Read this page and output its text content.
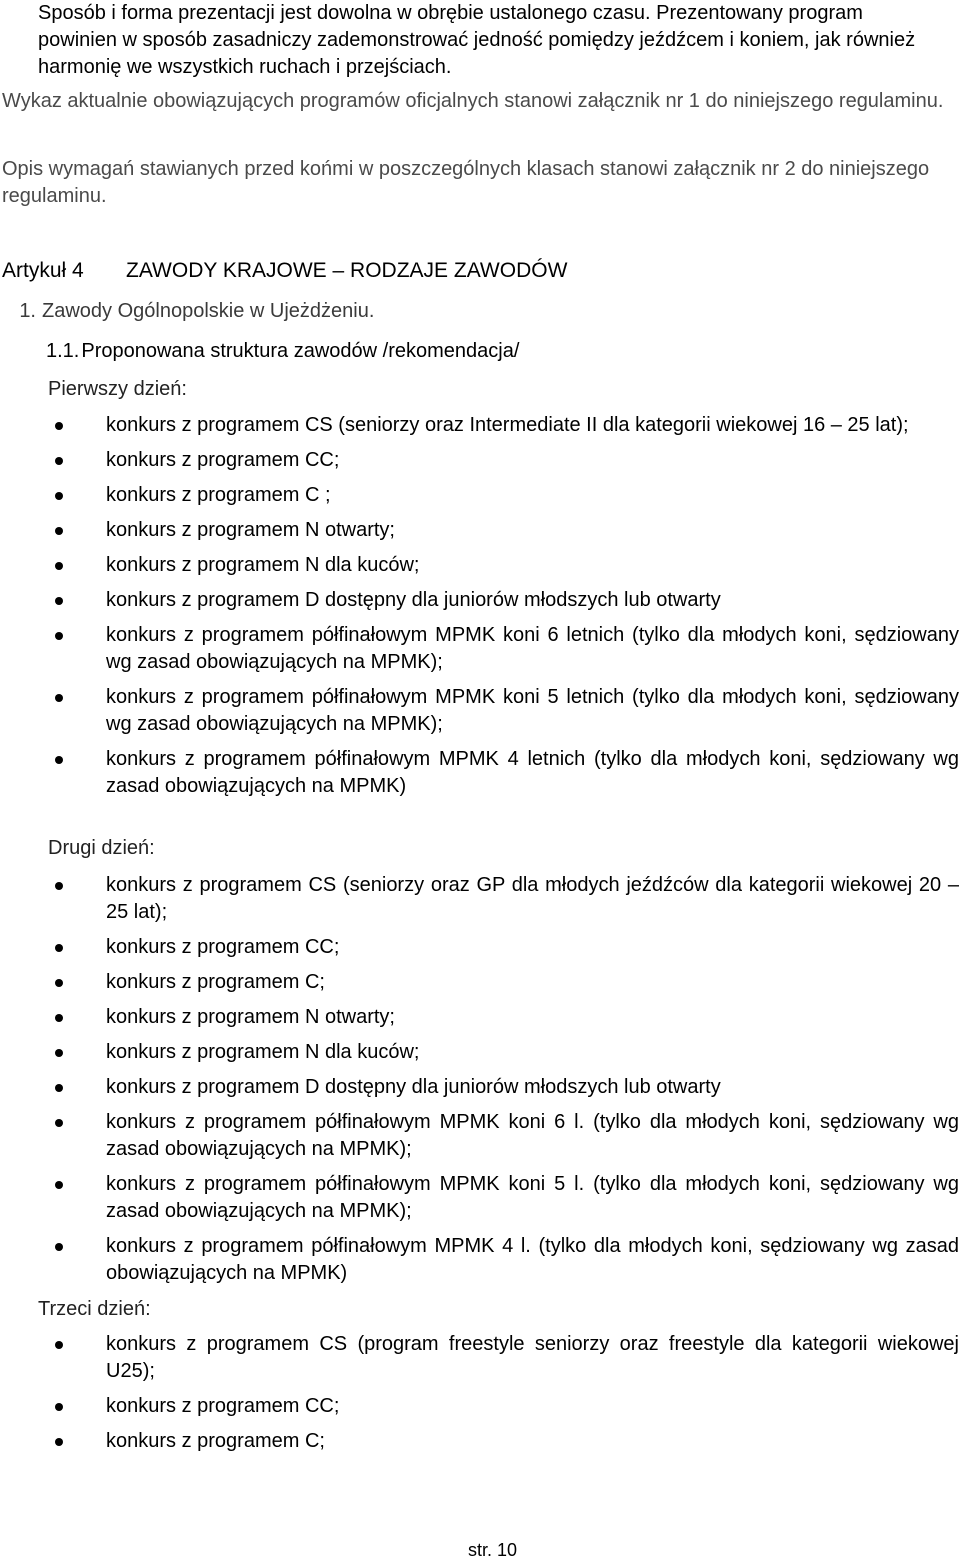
Sposób i forma prezentacji jest dowolna w obrębie ustalonego czasu. Prezentowany program powinien w sposób zasadniczy zademonstrować jedność pomiędzy jeźdźcem i koniem, jak również harmonię we wszystkich ruchach i przejściach.
Wykaz aktualnie obowiązujących programów oficjalnych stanowi załącznik nr 1 do niniejszego regulaminu.
Opis wymagań stawianych przed końmi w poszczególnych klasach stanowi załącznik nr 2 do niniejszego regulaminu.
Artykuł 4 ZAWODY KRAJOWE – RODZAJE ZAWODÓW
1. Zawody Ogólnopolskie w Ujeżdżeniu.
1.1. Proponowana struktura zawodów /rekomendacja/
Pierwszy dzień:
konkurs z programem CS (seniorzy oraz Intermediate II dla kategorii wiekowej 16 – 25 lat);
konkurs z programem CC;
konkurs z programem C ;
konkurs z programem N otwarty;
konkurs z programem N dla kuców;
konkurs z programem D dostępny dla juniorów młodszych lub otwarty
konkurs z programem półfinałowym MPMK koni 6 letnich (tylko dla młodych koni, sędziowany wg zasad obowiązujących na MPMK);
konkurs z programem półfinałowym MPMK koni 5 letnich (tylko dla młodych koni, sędziowany wg zasad obowiązujących na MPMK);
konkurs z programem półfinałowym MPMK 4 letnich (tylko dla młodych koni, sędziowany wg zasad obowiązujących na MPMK)
Drugi dzień:
konkurs z programem CS (seniorzy oraz GP dla młodych jeźdźców dla kategorii wiekowej 20 – 25 lat);
konkurs z programem CC;
konkurs z programem C;
konkurs z programem N otwarty;
konkurs z programem N dla kuców;
konkurs z programem D dostępny dla juniorów młodszych lub otwarty
konkurs z programem półfinałowym MPMK koni 6 l. (tylko dla młodych koni, sędziowany wg zasad obowiązujących na MPMK);
konkurs z programem półfinałowym MPMK koni 5 l. (tylko dla młodych koni, sędziowany wg zasad obowiązujących na MPMK);
konkurs z programem półfinałowym MPMK 4 l. (tylko dla młodych koni, sędziowany wg zasad obowiązujących na MPMK)
Trzeci dzień:
konkurs z programem CS (program freestyle seniorzy oraz freestyle dla kategorii wiekowej U25);
konkurs z programem CC;
konkurs z programem C;
str. 10
